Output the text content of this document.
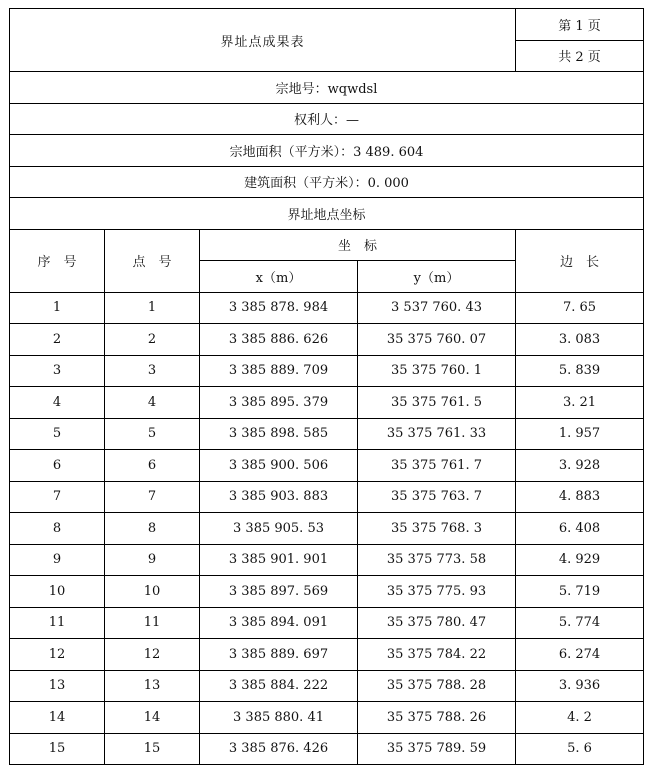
界址点成果表				第 1 页
				共 2 页
宗地号：wqwdsl				
权利人：—				
宗地面积（平方米）：3 489. 604				
建筑面积（平方米）：0. 000				
界址地点坐标				
序　号	点　号	坐　标		边　长
		x（m）	y（m）	
1	1	3 385 878. 984	3 537 760. 43	7. 65
2	2	3 385 886. 626	35 375 760. 07	3. 083
3	3	3 385 889. 709	35 375 760. 1	5. 839
4	4	3 385 895. 379	35 375 761. 5	3. 21
5	5	3 385 898. 585	35 375 761. 33	1. 957
6	6	3 385 900. 506	35 375 761. 7	3. 928
7	7	3 385 903. 883	35 375 763. 7	4. 883
8	8	3 385 905. 53	35 375 768. 3	6. 408
9	9	3 385 901. 901	35 375 773. 58	4. 929
10	10	3 385 897. 569	35 375 775. 93	5. 719
11	11	3 385 894. 091	35 375 780. 47	5. 774
12	12	3 385 889. 697	35 375 784. 22	6. 274
13	13	3 385 884. 222	35 375 788. 28	3. 936
14	14	3 385 880. 41	35 375 788. 26	4. 2
15	15	3 385 876. 426	35 375 789. 59	5. 6
